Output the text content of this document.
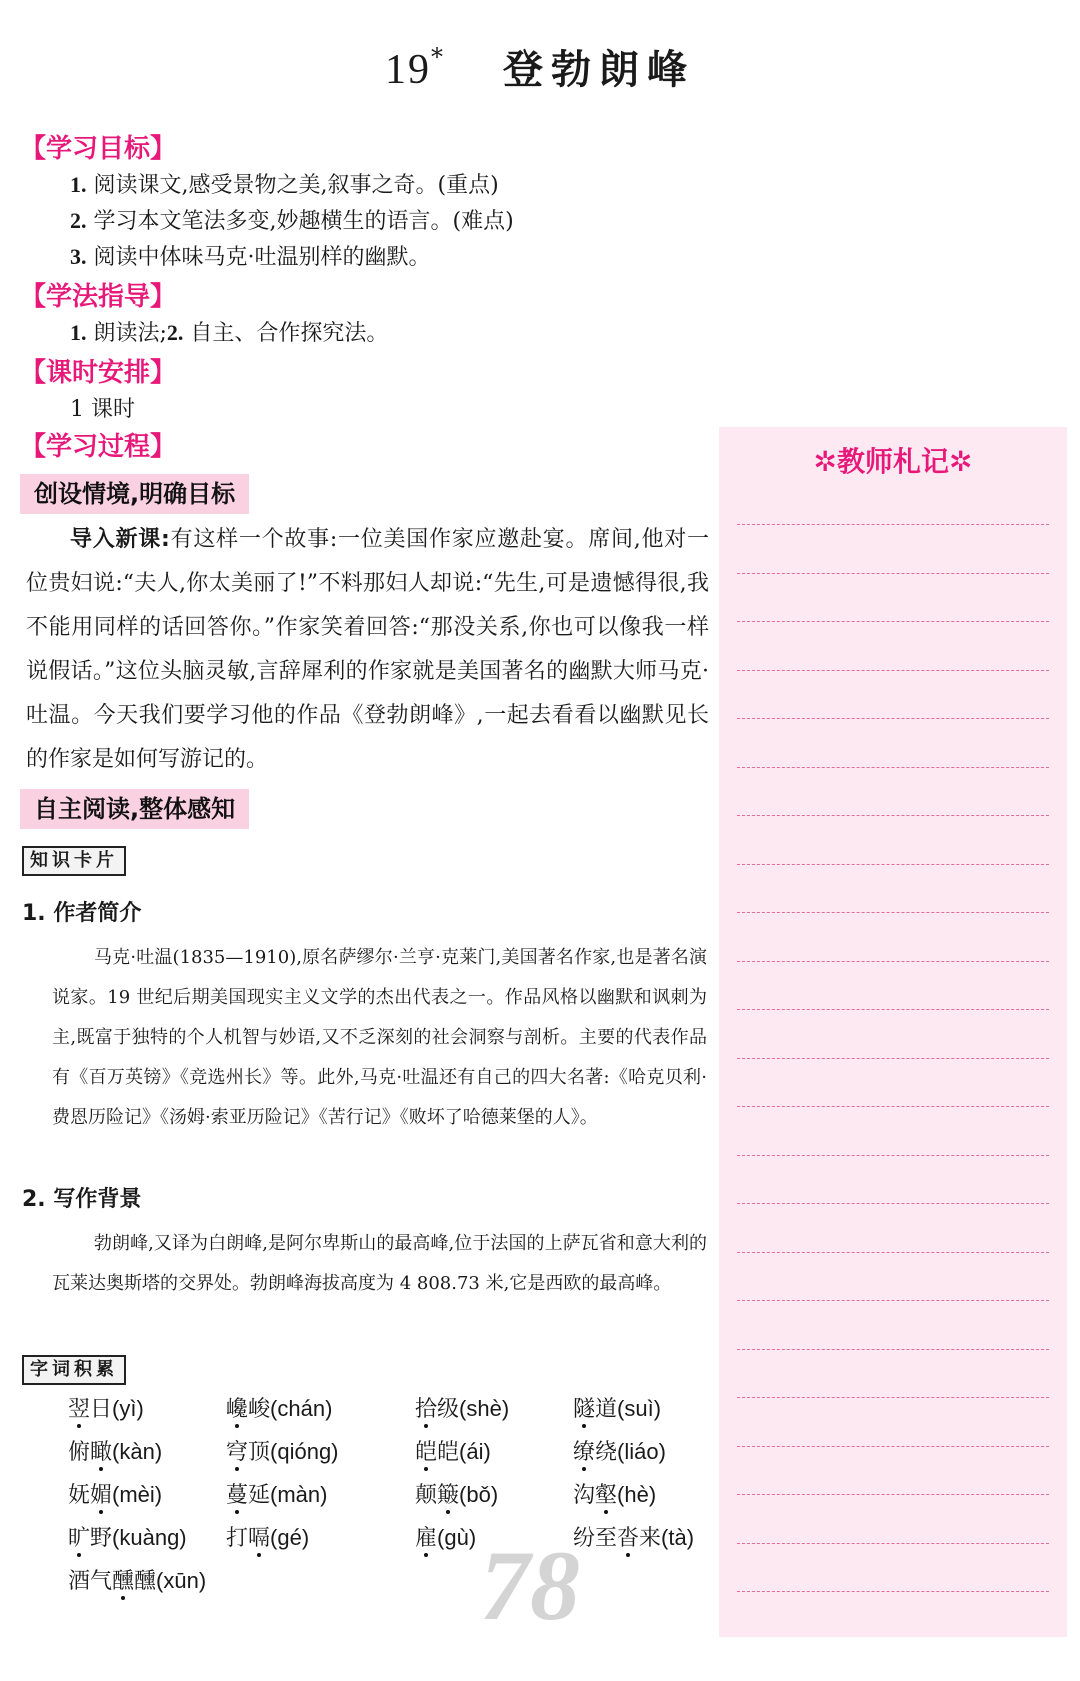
19* 登勃朗峰
【学习目标】
1. 阅读课文,感受景物之美,叙事之奇。(重点)
2. 学习本文笔法多变,妙趣横生的语言。(难点)
3. 阅读中体味马克·吐温别样的幽默。
【学法指导】
1. 朗读法;2. 自主、合作探究法。
【课时安排】
1 课时
【学习过程】	✲教师札记✲
创设情境,明确目标
导入新课:有这样一个故事:一位美国作家应邀赴宴。席间,他对一位贵妇说:“夫人,你太美丽了!”不料那妇人却说:“先生,可是遗憾得很,我不能用同样的话回答你。”作家笑着回答:“那没关系,你也可以像我一样说假话。”这位头脑灵敏,言辞犀利的作家就是美国著名的幽默大师马克·吐温。今天我们要学习他的作品《登勃朗峰》,一起去看看以幽默见长的作家是如何写游记的。
自主阅读,整体感知
知识卡片
1. 作者简介
马克·吐温(1835—1910),原名萨缪尔·兰亨·克莱门,美国著名作家,也是著名演说家。19 世纪后期美国现实主义文学的杰出代表之一。作品风格以幽默和讽刺为主,既富于独特的个人机智与妙语,又不乏深刻的社会洞察与剖析。主要的代表作品有《百万英镑》《竞选州长》等。此外,马克·吐温还有自己的四大名著:《哈克贝利·费恩历险记》《汤姆·索亚历险记》《苦行记》《败坏了哈德莱堡的人》。
2. 写作背景
勃朗峰,又译为白朗峰,是阿尔卑斯山的最高峰,位于法国的上萨瓦省和意大利的瓦莱达奥斯塔的交界处。勃朗峰海拔高度为 4 808.73 米,它是西欧的最高峰。
字词积累
翌日(yì)	巉峻(chán)	拾级(shè)	隧道(suì)
俯瞰(kàn)	穹顶(qióng)	皑皑(ái)	缭绕(liáo)
妩媚(mèi)	蔓延(màn)	颠簸(bǒ)	沟壑(hè)
旷野(kuàng) 打嗝(gé)	雇(gù)	纷至沓来(tà)
酒气醺醺(xūn)	78
